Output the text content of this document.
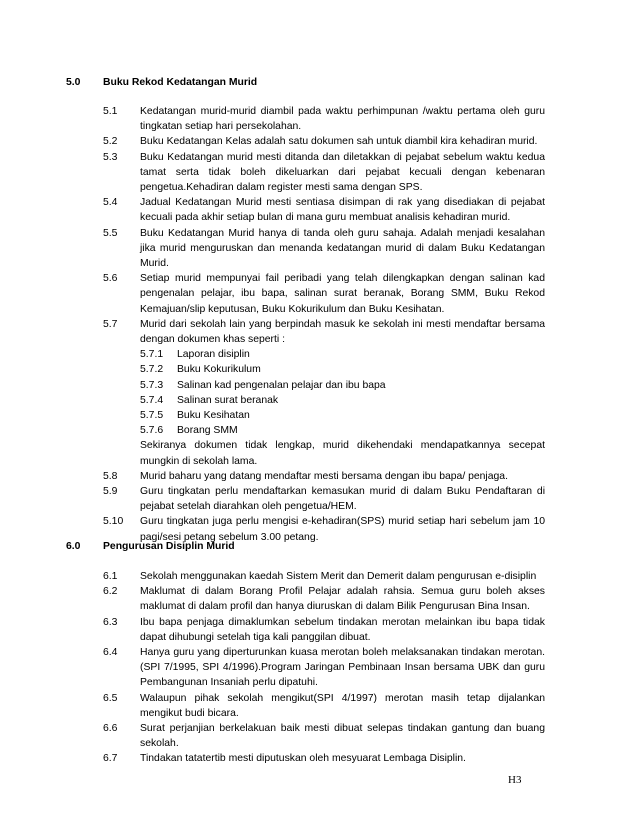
5.0 Buku Rekod Kedatangan Murid
5.1 Kedatangan murid-murid diambil pada waktu perhimpunan /waktu pertama oleh guru tingkatan setiap hari persekolahan.
5.2 Buku Kedatangan Kelas adalah satu dokumen sah untuk diambil kira kehadiran murid.
5.3 Buku Kedatangan murid mesti ditanda dan diletakkan di pejabat sebelum waktu kedua tamat serta tidak boleh dikeluarkan dari pejabat kecuali dengan kebenaran pengetua.Kehadiran dalam register mesti sama dengan SPS.
5.4 Jadual Kedatangan Murid mesti sentiasa disimpan di rak yang disediakan di pejabat kecuali pada akhir setiap bulan di mana guru membuat analisis kehadiran murid.
5.5 Buku Kedatangan Murid hanya di tanda oleh guru sahaja. Adalah menjadi kesalahan jika murid menguruskan dan menanda kedatangan murid di dalam Buku Kedatangan Murid.
5.6 Setiap murid mempunyai fail peribadi yang telah dilengkapkan dengan salinan kad pengenalan pelajar, ibu bapa, salinan surat beranak, Borang SMM, Buku Rekod Kemajuan/slip keputusan, Buku Kokurikulum dan Buku Kesihatan.
5.7 Murid dari sekolah lain yang berpindah masuk ke sekolah ini mesti mendaftar bersama dengan dokumen khas seperti :
5.7.1 Laporan disiplin
5.7.2 Buku Kokurikulum
5.7.3 Salinan kad pengenalan pelajar dan ibu bapa
5.7.4 Salinan surat beranak
5.7.5 Buku Kesihatan
5.7.6 Borang SMM
Sekiranya dokumen tidak lengkap, murid dikehendaki mendapatkannya secepat mungkin di sekolah lama.
5.8 Murid baharu yang datang mendaftar mesti bersama dengan ibu bapa/ penjaga.
5.9 Guru tingkatan perlu mendaftarkan kemasukan murid di dalam Buku Pendaftaran di pejabat setelah diarahkan oleh pengetua/HEM.
5.10 Guru tingkatan juga perlu mengisi e-kehadiran(SPS) murid setiap hari sebelum jam 10 pagi/sesi petang sebelum 3.00 petang.
6.0 Pengurusan Disiplin Murid
6.1 Sekolah menggunakan kaedah Sistem Merit dan Demerit dalam pengurusan e-disiplin
6.2 Maklumat di dalam Borang Profil Pelajar adalah rahsia. Semua guru boleh akses maklumat di dalam profil dan hanya diuruskan di dalam Bilik Pengurusan Bina Insan.
6.3 Ibu bapa penjaga dimaklumkan sebelum tindakan merotan melainkan ibu bapa tidak dapat dihubungi setelah tiga kali panggilan dibuat.
6.4 Hanya guru yang diperturunkan kuasa merotan boleh melaksanakan tindakan merotan.(SPI 7/1995, SPI 4/1996).Program Jaringan Pembinaan Insan bersama UBK dan guru Pembangunan Insaniah perlu dipatuhi.
6.5 Walaupun pihak sekolah mengikut(SPI 4/1997) merotan masih tetap dijalankan mengikut budi bicara.
6.6 Surat perjanjian berkelakuan baik mesti dibuat selepas tindakan gantung dan buang sekolah.
6.7 Tindakan tatatertib mesti diputuskan oleh mesyuarat Lembaga Disiplin.
H3
